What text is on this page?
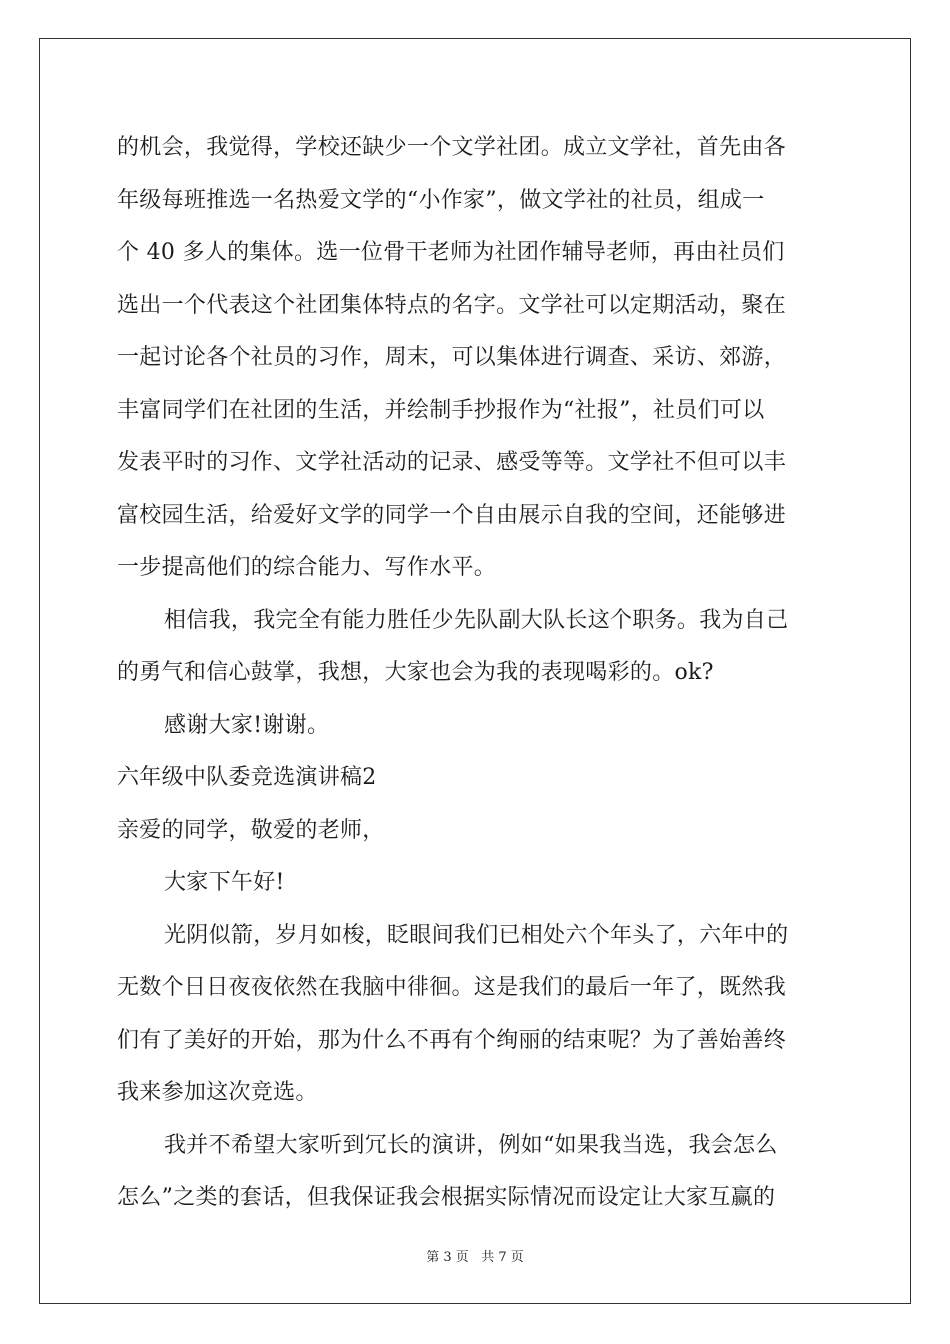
的机会，我觉得，学校还缺少一个文学社团。成立文学社，首先由各
年级每班推选一名热爱文学的“小作家”，做文学社的社员，组成一
个 40 多人的集体。选一位骨干老师为社团作辅导老师，再由社员们
选出一个代表这个社团集体特点的名字。文学社可以定期活动，聚在
一起讨论各个社员的习作，周末，可以集体进行调查、采访、郊游，
丰富同学们在社团的生活，并绘制手抄报作为“社报”，社员们可以
发表平时的习作、文学社活动的记录、感受等等。文学社不但可以丰
富校园生活，给爱好文学的同学一个自由展示自我的空间，还能够进
一步提高他们的综合能力、写作水平。
相信我，我完全有能力胜任少先队副大队长这个职务。我为自己
的勇气和信心鼓掌，我想，大家也会为我的表现喝彩的。ok?
感谢大家!谢谢。
六年级中队委竞选演讲稿2
亲爱的同学，敬爱的老师，
大家下午好!
光阴似箭，岁月如梭，眨眼间我们已相处六个年头了，六年中的
无数个日日夜夜依然在我脑中徘徊。这是我们的最后一年了，既然我
们有了美好的开始，那为什么不再有个绚丽的结束呢？为了善始善终
我来参加这次竞选。
我并不希望大家听到冗长的演讲，例如“如果我当选，我会怎么
怎么”之类的套话，但我保证我会根据实际情况而设定让大家互赢的
第 3 页   共 7 页
